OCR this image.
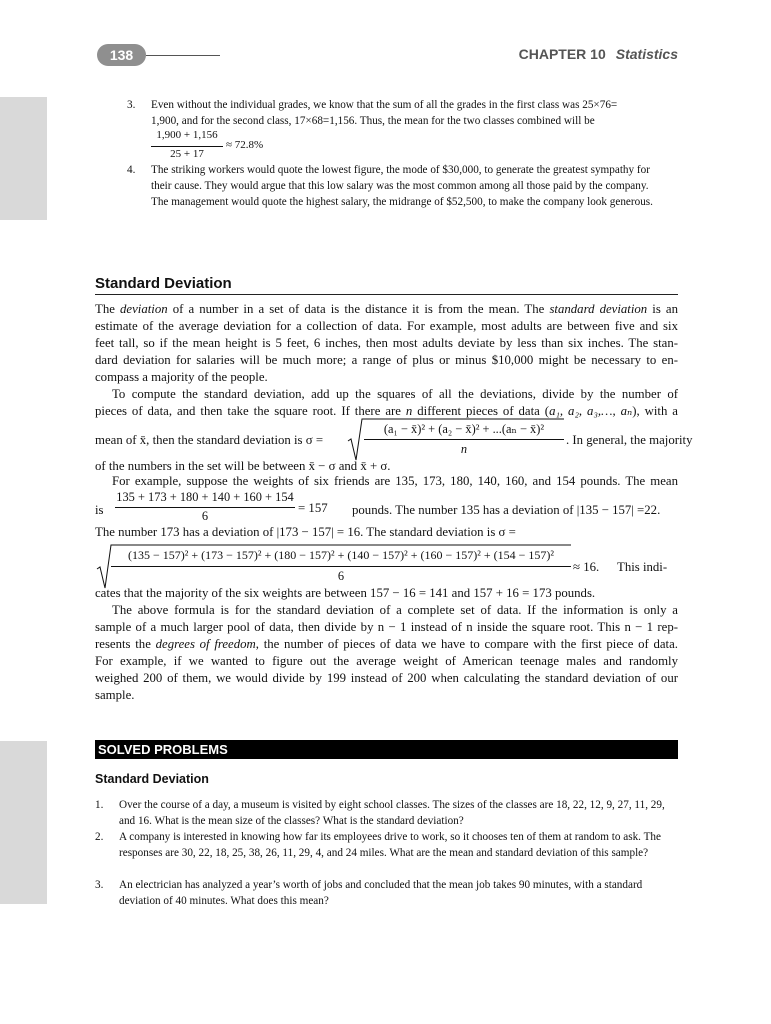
138	CHAPTER 10 Statistics
3. Even without the individual grades, we know that the sum of all the grades in the first class was 25×76=
1,900, and for the second class, 17×68=1,156. Thus, the mean for the two classes combined will be
1,900 + 1,156
25 + 17
≈ 72.8%
4. The striking workers would quote the lowest figure, the mode of $30,000, to generate the greatest sympathy for their cause. They would argue that this low salary was the most common among all those paid by the company. The management would quote the highest salary, the midrange of $52,500, to make the company look generous.
Standard Deviation
The deviation of a number in a set of data is the distance it is from the mean. The standard deviation is an
estimate of the average deviation for a collection of data. For example, most adults are between five and six
feet tall, so if the mean height is 5 feet, 6 inches, then most adults deviate by less than six inches. The stan-
dard deviation for salaries will be much more; a range of plus or minus $10,000 might be necessary to en-
compass a majority of the people.
To compute the standard deviation, add up the squares of all the deviations, divide by the number of
pieces of data, and then take the square root. If there are n different pieces of data (a₁, a₂, a₃,…, aₙ), with a
mean of x̄, then the standard deviation is σ =
(a₁ − x̄)² + (a₂ − x̄)² + ...(aₙ − x̄)²
n
. In general, the majority
of the numbers in the set will be between x̄ − σ and x̄ + σ.
For example, suppose the weights of six friends are 135, 173, 180, 140, 160, and 154 pounds. The mean
is
135 + 173 + 180 + 140 + 160 + 154
6
= 157 pounds. The number 135 has a deviation of |135 − 157| =22.
The number 173 has a deviation of |173 − 157| = 16. The standard deviation is σ =
(135 − 157)² + (173 − 157)² + (180 − 157)² + (140 − 157)² + (160 − 157)² + (154 − 157)²
6
≈ 16. This indi-
cates that the majority of the six weights are between 157 − 16 = 141 and 157 + 16 = 173 pounds.
The above formula is for the standard deviation of a complete set of data. If the information is only a
sample of a much larger pool of data, then divide by n − 1 instead of n inside the square root. This n − 1 rep-
resents the degrees of freedom, the number of pieces of data we have to compare with the first piece of data.
For example, if we wanted to figure out the average weight of American teenage males and randomly
weighed 200 of them, we would divide by 199 instead of 200 when calculating the standard deviation of our
sample.
SOLVED PROBLEMS
Standard Deviation
1. Over the course of a day, a museum is visited by eight school classes. The sizes of the classes are 18, 22, 12, 9, 27, 11, 29, and 16. What is the mean size of the classes? What is the standard deviation?
2. A company is interested in knowing how far its employees drive to work, so it chooses ten of them at random to ask. The responses are 30, 22, 18, 25, 38, 26, 11, 29, 4, and 24 miles. What are the mean and standard deviation of this sample?
3. An electrician has analyzed a year’s worth of jobs and concluded that the mean job takes 90 minutes, with a standard deviation of 40 minutes. What does this mean?
